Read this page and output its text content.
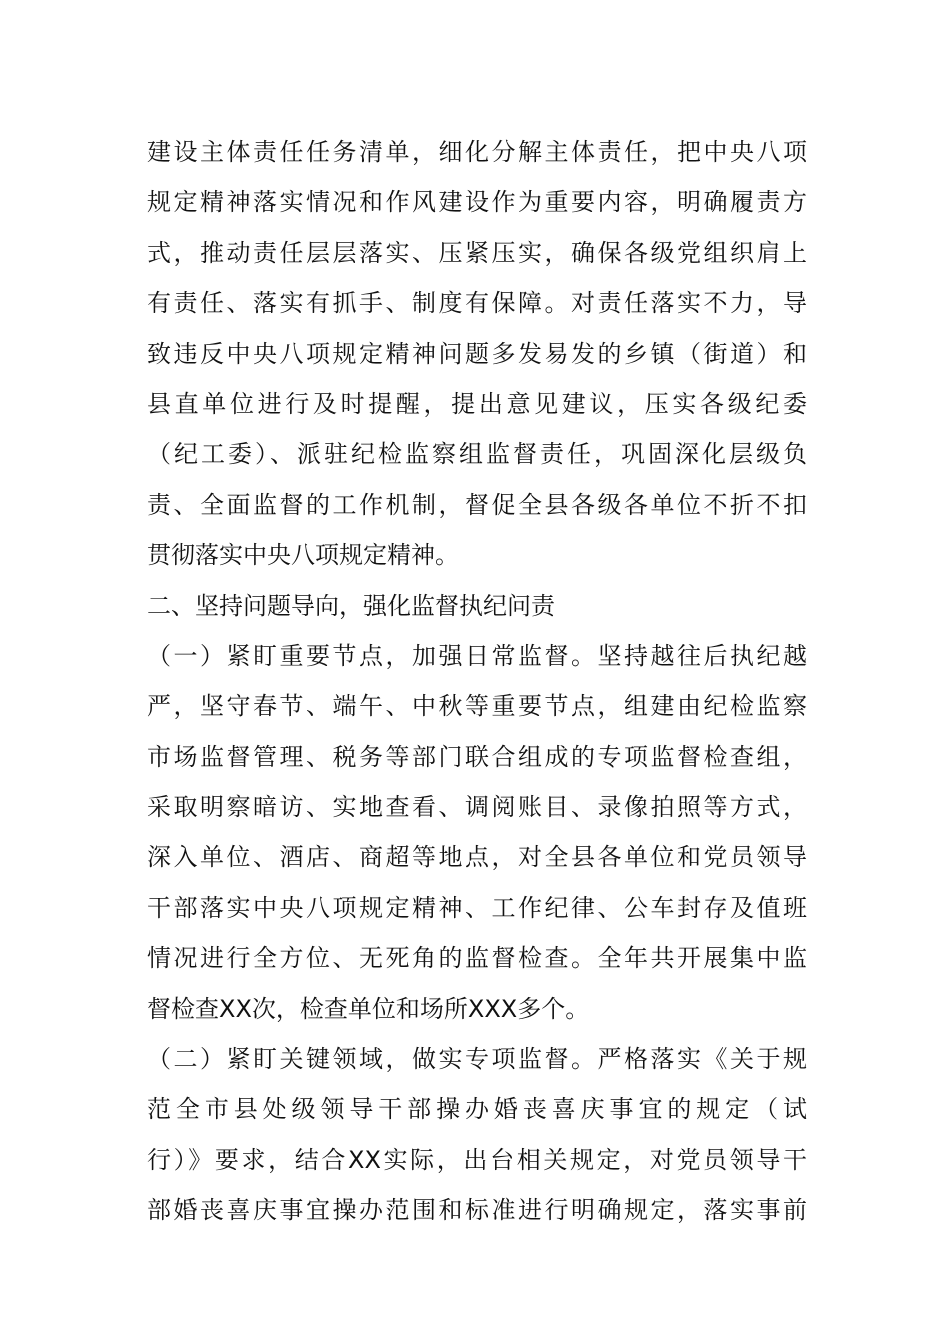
建设主体责任任务清单，细化分解主体责任，把中央八项
规定精神落实情况和作风建设作为重要内容，明确履责方
式，推动责任层层落实、压紧压实，确保各级党组织肩上
有责任、落实有抓手、制度有保障。对责任落实不力，导
致违反中央八项规定精神问题多发易发的乡镇（街道）和
县直单位进行及时提醒，提出意见建议，压实各级纪委
（纪工委）、派驻纪检监察组监督责任，巩固深化层级负
责、全面监督的工作机制，督促全县各级各单位不折不扣
贯彻落实中央八项规定精神。
二、坚持问题导向，强化监督执纪问责
（一）紧盯重要节点，加强日常监督。坚持越往后执纪越
严，坚守春节、端午、中秋等重要节点，组建由纪检监察
市场监督管理、税务等部门联合组成的专项监督检查组，
采取明察暗访、实地查看、调阅账目、录像拍照等方式，
深入单位、酒店、商超等地点，对全县各单位和党员领导
干部落实中央八项规定精神、工作纪律、公车封存及值班
情况进行全方位、无死角的监督检查。全年共开展集中监
督检查XX次，检查单位和场所XXX多个。
（二）紧盯关键领域，做实专项监督。严格落实《关于规
范全市县处级领导干部操办婚丧喜庆事宜的规定（试
行）》要求，结合XX实际，出台相关规定，对党员领导干
部婚丧喜庆事宜操办范围和标准进行明确规定，落实事前
